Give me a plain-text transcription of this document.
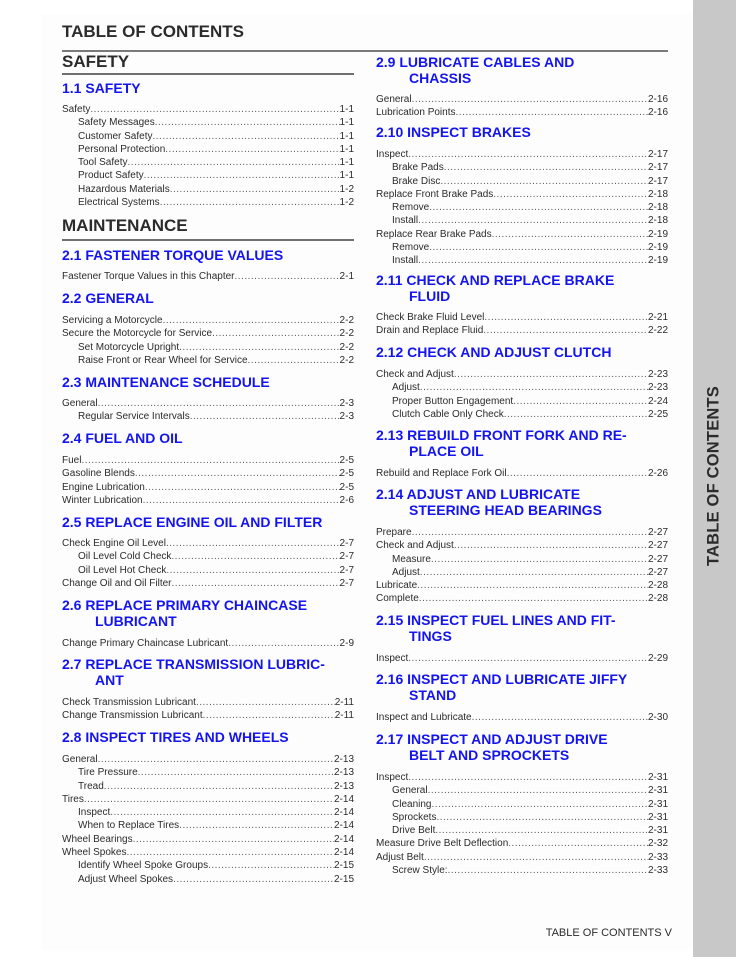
TABLE OF CONTENTS
TABLE OF CONTENTS
SAFETY
MAINTENANCE
1.1 SAFETY
Safety .....	1-1
Safety Messages .....	1-1
Customer Safety .....	1-1
Personal Protection .....	1-1
Tool Safety .....	1-1
Product Safety .....	1-1
Hazardous Materials .....	1-2
Electrical Systems .....	1-2
2.1 FASTENER TORQUE VALUES
Fastener Torque Values in this Chapter .....	2-1
2.2 GENERAL
Servicing a Motorcycle .....	2-2
Secure the Motorcycle for Service .....	2-2
Set Motorcycle Upright .....	2-2
Raise Front or Rear Wheel for Service .....	2-2
2.3 MAINTENANCE SCHEDULE
General .....	2-3
Regular Service Intervals .....	2-3
2.4 FUEL AND OIL
Fuel .....	2-5
Gasoline Blends .....	2-5
Engine Lubrication .....	2-5
Winter Lubrication .....	2-6
2.5 REPLACE ENGINE OIL AND FILTER
Check Engine Oil Level .....	2-7
Oil Level Cold Check .....	2-7
Oil Level Hot Check .....	2-7
Change Oil and Oil Filter .....	2-7
2.6 REPLACE PRIMARY CHAINCASE
LUBRICANT
Change Primary Chaincase Lubricant .....	2-9
2.7 REPLACE TRANSMISSION LUBRIC-
ANT
Check Transmission Lubricant .....	2-11
Change Transmission Lubricant .....	2-11
2.8 INSPECT TIRES AND WHEELS
General .....	2-13
Tire Pressure .....	2-13
Tread .....	2-13
Tires .....	2-14
Inspect .....	2-14
When to Replace Tires .....	2-14
Wheel Bearings .....	2-14
Wheel Spokes .....	2-14
Identify Wheel Spoke Groups .....	2-15
Adjust Wheel Spokes .....	2-15
2.9 LUBRICATE CABLES AND
CHASSIS
General .....	2-16
Lubrication Points .....	2-16
2.10 INSPECT BRAKES
Inspect .....	2-17
Brake Pads .....	2-17
Brake Disc .....	2-17
Replace Front Brake Pads .....	2-18
Remove .....	2-18
Install .....	2-18
Replace Rear Brake Pads .....	2-19
Remove .....	2-19
Install .....	2-19
2.11 CHECK AND REPLACE BRAKE
FLUID
Check Brake Fluid Level .....	2-21
Drain and Replace Fluid .....	2-22
2.12 CHECK AND ADJUST CLUTCH
Check and Adjust .....	2-23
Adjust .....	2-23
Proper Button Engagement .....	2-24
Clutch Cable Only Check .....	2-25
2.13 REBUILD FRONT FORK AND RE-
PLACE OIL
Rebuild and Replace Fork Oil .....	2-26
2.14 ADJUST AND LUBRICATE
STEERING HEAD BEARINGS
Prepare .....	2-27
Check and Adjust .....	2-27
Measure .....	2-27
Adjust .....	2-27
Lubricate .....	2-28
Complete .....	2-28
2.15 INSPECT FUEL LINES AND FIT-
TINGS
Inspect .....	2-29
2.16 INSPECT AND LUBRICATE JIFFY
STAND
Inspect and Lubricate .....	2-30
2.17 INSPECT AND ADJUST DRIVE
BELT AND SPROCKETS
Inspect .....	2-31
General .....	2-31
Cleaning .....	2-31
Sprockets .....	2-31
Drive Belt .....	2-31
Measure Drive Belt Deflection .....	2-32
Adjust Belt .....	2-33
Screw Style: .....	2-33
TABLE OF CONTENTS V
